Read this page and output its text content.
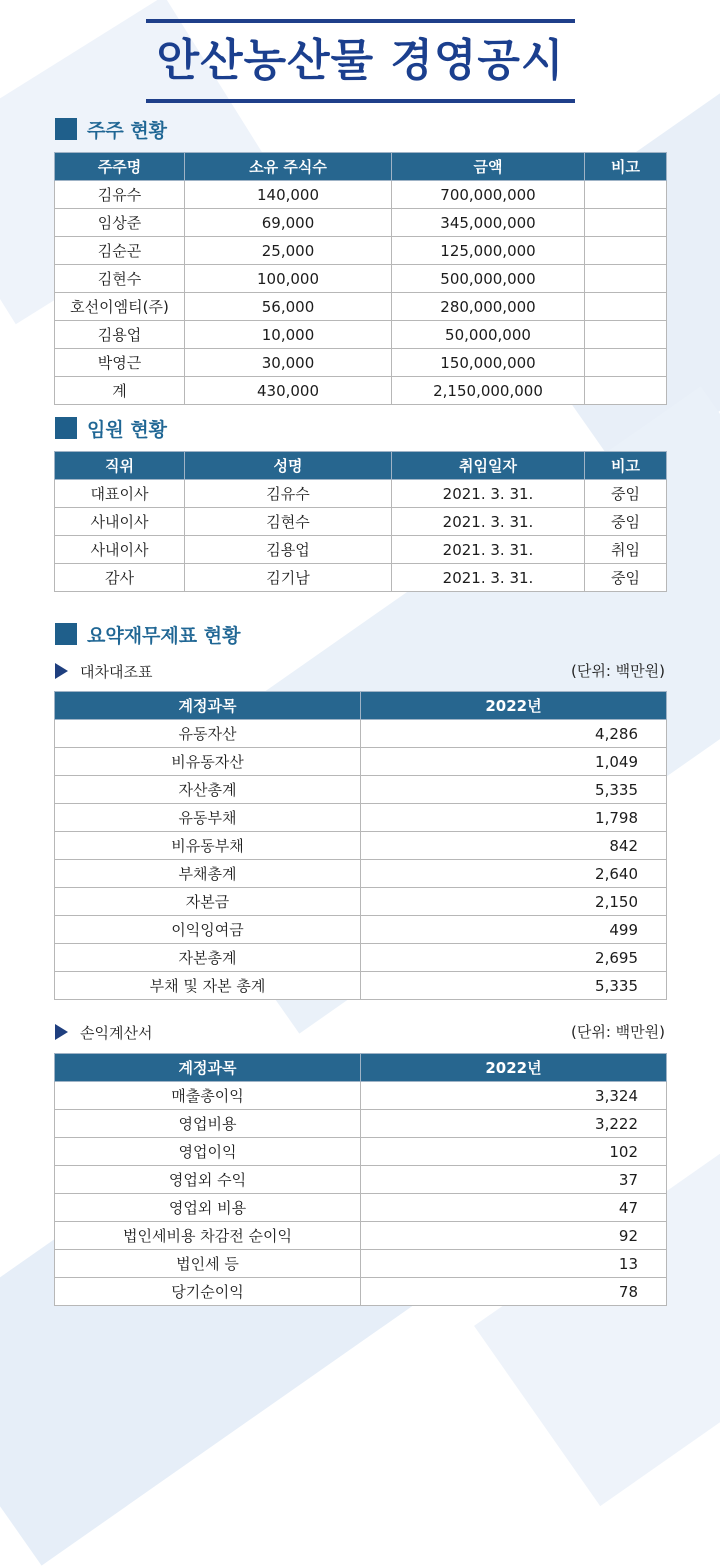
안산농산물 경영공시
주주 현황
주주명	소유 주식수	금액	비고
김유수	140,000	700,000,000	
임상준	69,000	345,000,000	
김순곤	25,000	125,000,000	
김현수	100,000	500,000,000	
호선이엠티(주)	56,000	280,000,000	
김용업	10,000	50,000,000	
박영근	30,000	150,000,000	
계	430,000	2,150,000,000	
임원 현황
직위	성명	취임일자	비고
대표이사	김유수	2021. 3. 31.	중임
사내이사	김현수	2021. 3. 31.	중임
사내이사	김용업	2021. 3. 31.	취임
감사	김기남	2021. 3. 31.	중임
요약재무제표 현황
대차대조표	(단위: 백만원)
계정과목	2022년
유동자산	4,286
비유동자산	1,049
자산총계	5,335
유동부채	1,798
비유동부채	842
부채총계	2,640
자본금	2,150
이익잉여금	499
자본총계	2,695
부채 및 자본 총계	5,335
손익계산서	(단위: 백만원)
계정과목	2022년
매출총이익	3,324
영업비용	3,222
영업이익	102
영업외 수익	37
영업외 비용	47
법인세비용 차감전 순이익	92
법인세 등	13
당기순이익	78
